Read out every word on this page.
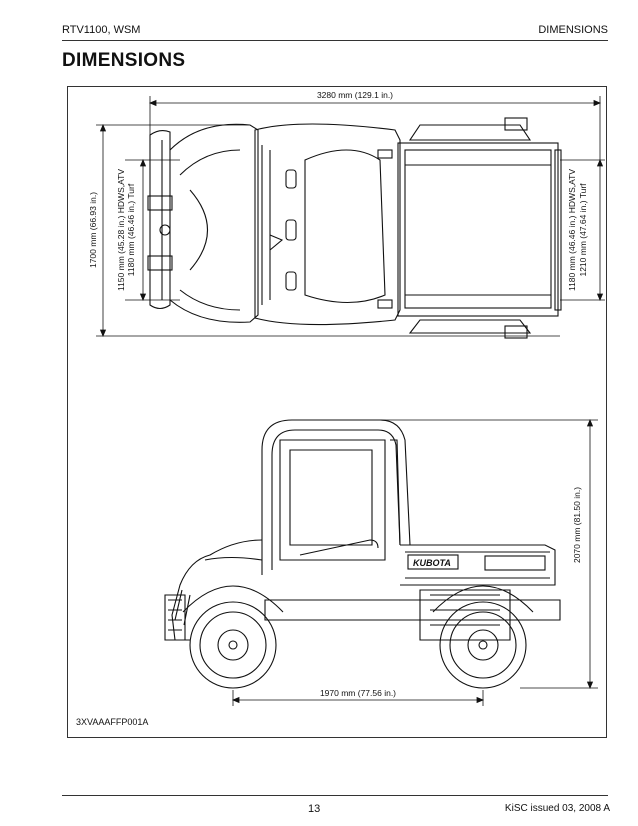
RTV1100, WSM	DIMENSIONS
DIMENSIONS
3280 mm (129.1 in.)
1700 mm (66.93 in.) 1150 mm (45.28 in.) HDWS,ATV 1180 mm (46.46 in.) Turf	1180 mm (46.46 in.) HDWS,ATV 1210 mm (47.64 in.) Turf
KUBOTA	2070 mm (81.50 in.)
1970 mm (77.56 in.)
3XVAAAFFP001A
13	KiSC issued 03, 2008 A
